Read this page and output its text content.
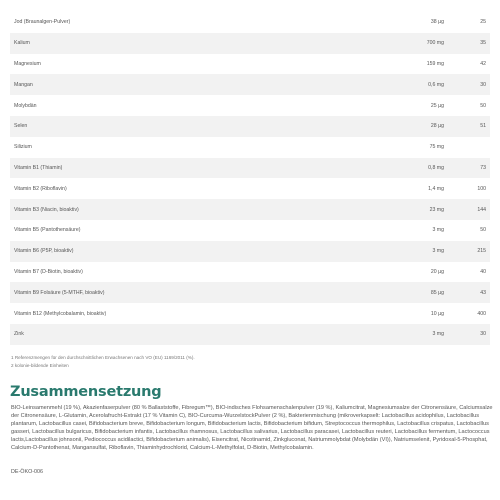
Jod (Braunalgen-Pulver)	38 µg	25
Kalium	700 mg	35
Magnesium	159 mg	42
Mangan	0,6 mg	30
Molybdän	25 µg	50
Selen	28 µg	51
Silizium	75 mg
Vitamin B1 (Thiamin)	0,8 mg	73
Vitamin B2 (Riboflavin)	1,4 mg	100
Vitamin B3 (Niacin, bioaktiv)	23 mg	144
Vitamin B5 (Pantothensäure)	3 mg	50
Vitamin B6 (P5P, bioaktiv)	3 mg	215
Vitamin B7 (D-Biotin, bioaktiv)	20 µg	40
Vitamin B9 Folsäure (5-MTHF, bioaktiv)	85 µg	43
Vitamin B12 (Methylcobalamin, bioaktiv)	10 µg	400
Zink	3 mg	30
1 Referenzmengen für den durchschnittlichen Erwachsenen nach VO (EU) 1169/2011 (%).
2 kolonie-bildende Einheiten
Zusammensetzung
BIO-Leinsamenmehl (19 %), Akazienfaserpulver (80 % Ballaststoffe, Fibregum™), BIO-indisches Flohsamenschalenpulver (19 %), Kaliumcitrat, Magnesiumsalze der Citronensäure, Calciumsalze der Citronensäure, L-Glutamin, Acerolafrucht-Extrakt (17 % Vitamin C), BIO-Curcuma-WurzelstockPulver (2 %), Bakterienmischung (mikroverkapselt: Lactobacillus acidophilus, Lactobacillus plantarum, Lactobacillus casei, Bifidobacterium breve, Bifidobacterium longum, Bifidobacterium lactis, Bifidobacterium bifidum, Streptococcus thermophilus, Lactobacillus crispatus, Lactobacillus gasseri, Lactobacillus bulgaricus, Bifidobacterium infantis, Lactobacillus rhamnosus, Lactobacillus salivarius, Lactobacillus paracasei, Lactobacillus reuteri, Lactobacillus fermentum, Lactococcus lactis,Lactobacillus johnsonii, Pediococcus acidilactici, Bifidobacterium animalis), Eisencitrat, Nicotinamid, Zinkgluconat, Natriummolybdat (Molybdän (VI)), Natriumselenit, Pyridoxal-5-Phosphat, Calcium-D-Pantothenat, Mangansulfat, Riboflavin, Thiaminhydrochlorid, Calcium-L-Methylfolat, D-Biotin, Methylcobalamin.
DE-ÖKO-006
